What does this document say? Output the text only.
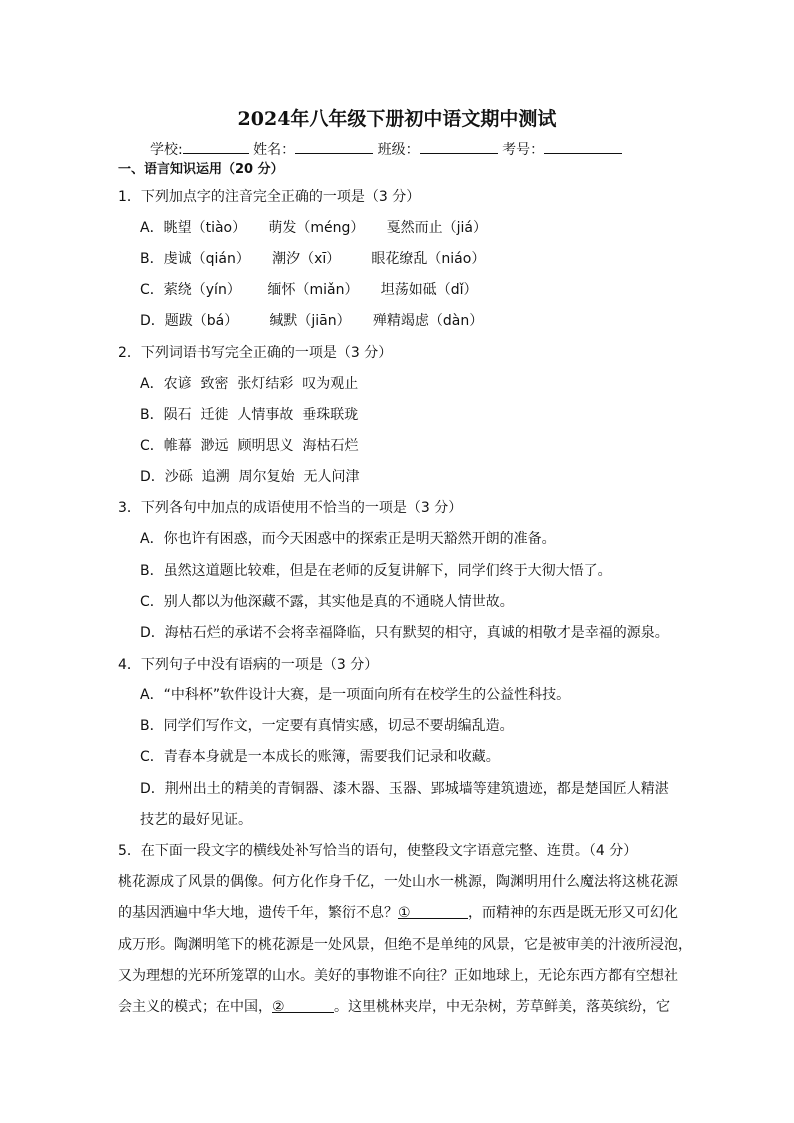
2024年八年级下册初中语文期中测试
学校:	姓名：	班级：	考号：
一、语言知识运用（20 分）
1．下列加点字的注音完全正确的一项是（3 分）
A．眺望（tiào）     萌发（méng）     戛然而止（jiá）
B．虔诚（qián）     潮汐（xī）       眼花缭乱（niáo）
C．萦绕（yín）      缅怀（miǎn）     坦荡如砥（dǐ）
D．题跋（bá）       缄默（jiān）     殚精竭虑（dàn）
2．下列词语书写完全正确的一项是（3 分）
A．农谚  致密  张灯结彩  叹为观止
B．陨石  迁徙  人情事故  垂珠联珑
C．帷幕  渺远  顾明思义  海枯石烂
D．沙砾  追溯  周尔复始  无人问津
3．下列各句中加点的成语使用不恰当的一项是（3 分）
A．你也许有困惑，而今天困惑中的探索正是明天豁然开朗的准备。
B．虽然这道题比较难，但是在老师的反复讲解下，同学们终于大彻大悟了。
C．别人都以为他深藏不露，其实他是真的不通晓人情世故。
D．海枯石烂的承诺不会将幸福降临，只有默契的相守，真诚的相敬才是幸福的源泉。
4．下列句子中没有语病的一项是（3 分）
A．“中科杯”软件设计大赛，是一项面向所有在校学生的公益性科技。
B．同学们写作文，一定要有真情实感，切忌不要胡编乱造。
C．青春本身就是一本成长的账簿，需要我们记录和收藏。
D．荆州出土的精美的青铜器、漆木器、玉器、郢城墙等建筑遗迹，都是楚国匠人精湛
技艺的最好见证。
5．在下面一段文字的横线处补写恰当的语句，使整段文字语意完整、连贯。（4 分）
桃花源成了风景的偶像。何方化作身千亿，一处山水一桃源，陶渊明用什么魔法将这桃花源
的基因洒遍中华大地，遗传千年，繁衍不息？①	，而精神的东西是既无形又可幻化
成万形。陶渊明笔下的桃花源是一处风景，但绝不是单纯的风景，它是被审美的汁液所浸泡，
又为理想的光环所笼罩的山水。美好的事物谁不向往？正如地球上，无论东西方都有空想社
会主义的模式；在中国，②	。这里桃林夹岸，中无杂树，芳草鲜美，落英缤纷，它
